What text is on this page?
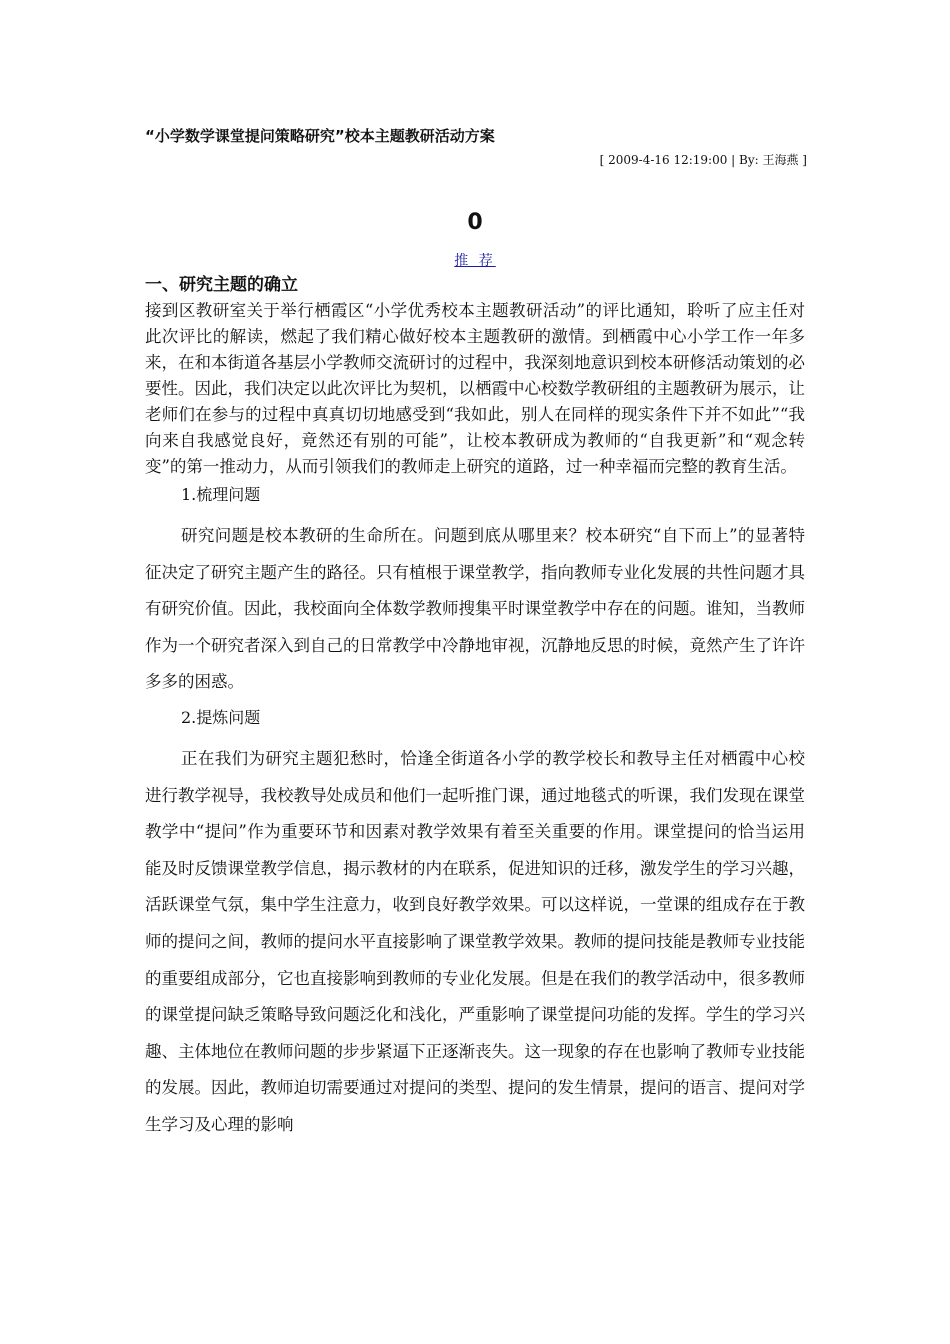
“小学数学课堂提问策略研究”校本主题教研活动方案
[ 2009-4-16 12:19:00 | By: 王海燕 ]
0
推 荐

一、研究主题的确立

接到区教研室关于举行栖霞区“小学优秀校本主题教研活动”的评比通知，聆听了应主任对此次评比的解读，燃起了我们精心做好校本主题教研的激情。到栖霞中心小学工作一年多来，在和本街道各基层小学教师交流研讨的过程中，我深刻地意识到校本研修活动策划的必要性。因此，我们决定以此次评比为契机，以栖霞中心校数学教研组的主题教研为展示，让老师们在参与的过程中真真切切地感受到“我如此，别人在同样的现实条件下并不如此”“我向来自我感觉良好，竟然还有别的可能”，让校本教研成为教师的“自我更新”和“观念转变”的第一推动力，从而引领我们的教师走上研究的道路，过一种幸福而完整的教育生活。

1.梳理问题

研究问题是校本教研的生命所在。问题到底从哪里来？校本研究“自下而上”的显著特征决定了研究主题产生的路径。只有植根于课堂教学，指向教师专业化发展的共性问题才具有研究价值。因此，我校面向全体数学教师搜集平时课堂教学中存在的问题。谁知，当教师作为一个研究者深入到自己的日常教学中冷静地审视，沉静地反思的时候，竟然产生了许许多多的困惑。

2.提炼问题

正在我们为研究主题犯愁时，恰逢全街道各小学的教学校长和教导主任对栖霞中心校进行教学视导，我校教导处成员和他们一起听推门课，通过地毯式的听课，我们发现在课堂教学中“提问”作为重要环节和因素对教学效果有着至关重要的作用。课堂提问的恰当运用能及时反馈课堂教学信息，揭示教材的内在联系，促进知识的迁移，激发学生的学习兴趣，活跃课堂气氛，集中学生注意力，收到良好教学效果。可以这样说，一堂课的组成存在于教师的提问之间，教师的提问水平直接影响了课堂教学效果。教师的提问技能是教师专业技能的重要组成部分，它也直接影响到教师的专业化发展。但是在我们的教学活动中，很多教师的课堂提问缺乏策略导致问题泛化和浅化，严重影响了课堂提问功能的发挥。学生的学习兴趣、主体地位在教师问题的步步紧逼下正逐渐丧失。这一现象的存在也影响了教师专业技能的发展。因此，教师迫切需要通过对提问的类型、提问的发生情景，提问的语言、提问对学生学习及心理的影响
